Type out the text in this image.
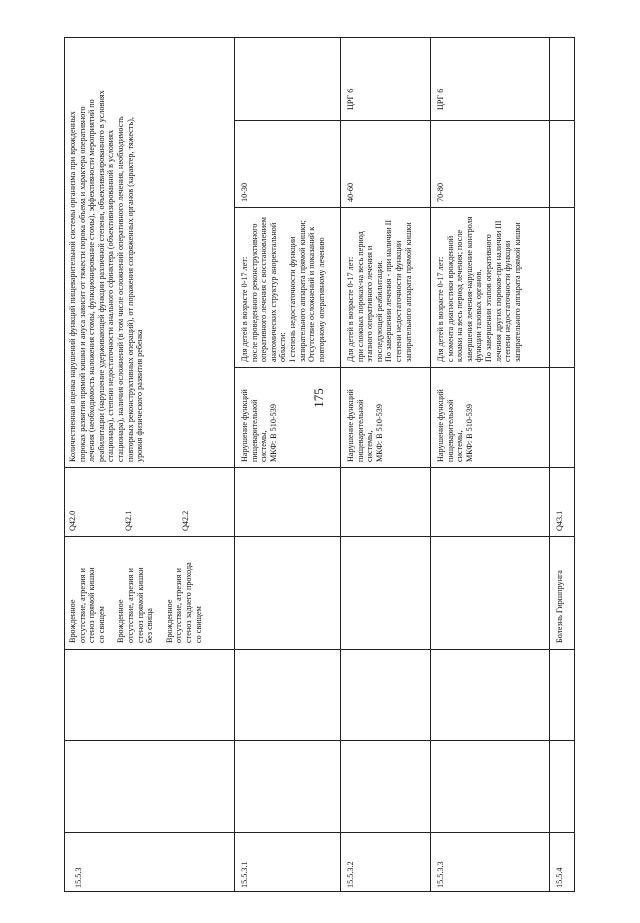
175
15.5.3
Врожденное отсутствие, атрезия и стеноз прямой кишки со свищем Врожденное отсутствие, атрезия и стеноз прямой кишки без свища Врожденное отсутствие, атрезия и стеноз заднего прохода со свищем
Q42.0	Q42.1	Q42.2
Количественная оценка нарушений функций пищеварительной системы организма при врожденных пороках развития прямой кишки и ануса зависит от тяжести порока объема и характера оперативного лечения (необходимость наложения стомы, функционирование стомы), эффективности мероприятий по реабилитации (нарушение удерживающей функции различной степени, объективизированного в условиях стационара), степени недостаточности анального сфинктера (объективизированной в условиях стационара), наличия осложнений (в том числе осложнений оперативного лечения, необходимость повторных реконструктивных операций), от поражения сопряженных органов (характер, тяжесть), уровня физического развития ребенка
15.5.3.1
Нарушение функций пищеварительной системы, МКФ: В 510-539
Для детей в возрасте 0-17 лет: после проведенного реконструктивного оперативного лечения с восстановлением анатомических структур аноректальной области: I степень недостаточности функции запирательного аппарата прямой кишки; Отсутствие осложнений и показаний к повторному оперативному лечению
10-30
15.5.3.2
Нарушение функций пищеварительной системы, МКФ: В 510-539
Для детей в возрасте 0-17 лет: при сложных пороках-на весь период этапного оперативного лечения и последующей реабилитации. По завершении лечения - при наличии II степени недостаточности функции запирательного аппарата прямой кишки
40-60
ЦРГ 6
15.5.3.3
Нарушение функций пищеварительной системы, МКФ: В 510-539
Для детей в возрасте 0-17 лет: с момента диагностики врожденной клоаки на весь период лечения; после завершения лечения-нарушение контроля функции тазовых органов. По завершении этапов оперативного лечения других пороков-при наличии III степени недостаточности функции запирательного аппарата прямой кишки
70-80
ЦРГ 6
15.5.4
Болезнь Гиршпрунга
Q43.1
